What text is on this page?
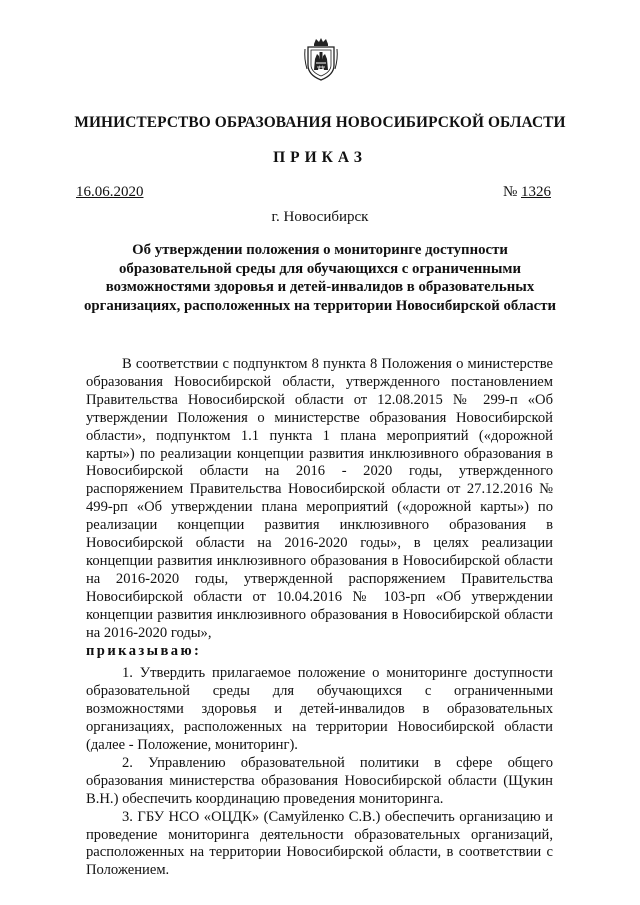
МИНИСТЕРСТВО ОБРАЗОВАНИЯ НОВОСИБИРСКОЙ ОБЛАСТИ
ПРИКАЗ
16.06.2020	№ 1326
г. Новосибирск
Об утверждении положения о мониторинге доступности образовательной среды для обучающихся с ограниченными возможностями здоровья и детей-инвалидов в образовательных организациях, расположенных на территории Новосибирской области

В соответствии с подпунктом 8 пункта 8 Положения о министерстве образования Новосибирской области, утвержденного постановлением Правительства Новосибирской области от 12.08.2015 № 299-п «Об утверждении Положения о министерстве образования Новосибирской области», подпунктом 1.1 пункта 1 плана мероприятий («дорожной карты») по реализации концепции развития инклюзивного образования в Новосибирской области на 2016 - 2020 годы, утвержденного распоряжением Правительства Новосибирской области от 27.12.2016 № 499-рп «Об утверждении плана мероприятий («дорожной карты») по реализации концепции развития инклюзивного образования в Новосибирской области на 2016-2020 годы», в целях реализации концепции развития инклюзивного образования в Новосибирской области на 2016-2020 годы, утвержденной распоряжением Правительства Новосибирской области от 10.04.2016 № 103-рп «Об утверждении концепции развития инклюзивного образования в Новосибирской области на 2016-2020 годы»,
приказываю:

1. Утвердить прилагаемое положение о мониторинге доступности образовательной среды для обучающихся с ограниченными возможностями здоровья и детей-инвалидов в образовательных организациях, расположенных на территории Новосибирской области (далее - Положение, мониторинг).

2. Управлению образовательной политики в сфере общего образования министерства образования Новосибирской области (Щукин В.Н.) обеспечить координацию проведения мониторинга.

3. ГБУ НСО «ОЦДК» (Самуйленко С.В.) обеспечить организацию и проведение мониторинга деятельности образовательных организаций, расположенных на территории Новосибирской области, в соответствии с Положением.
